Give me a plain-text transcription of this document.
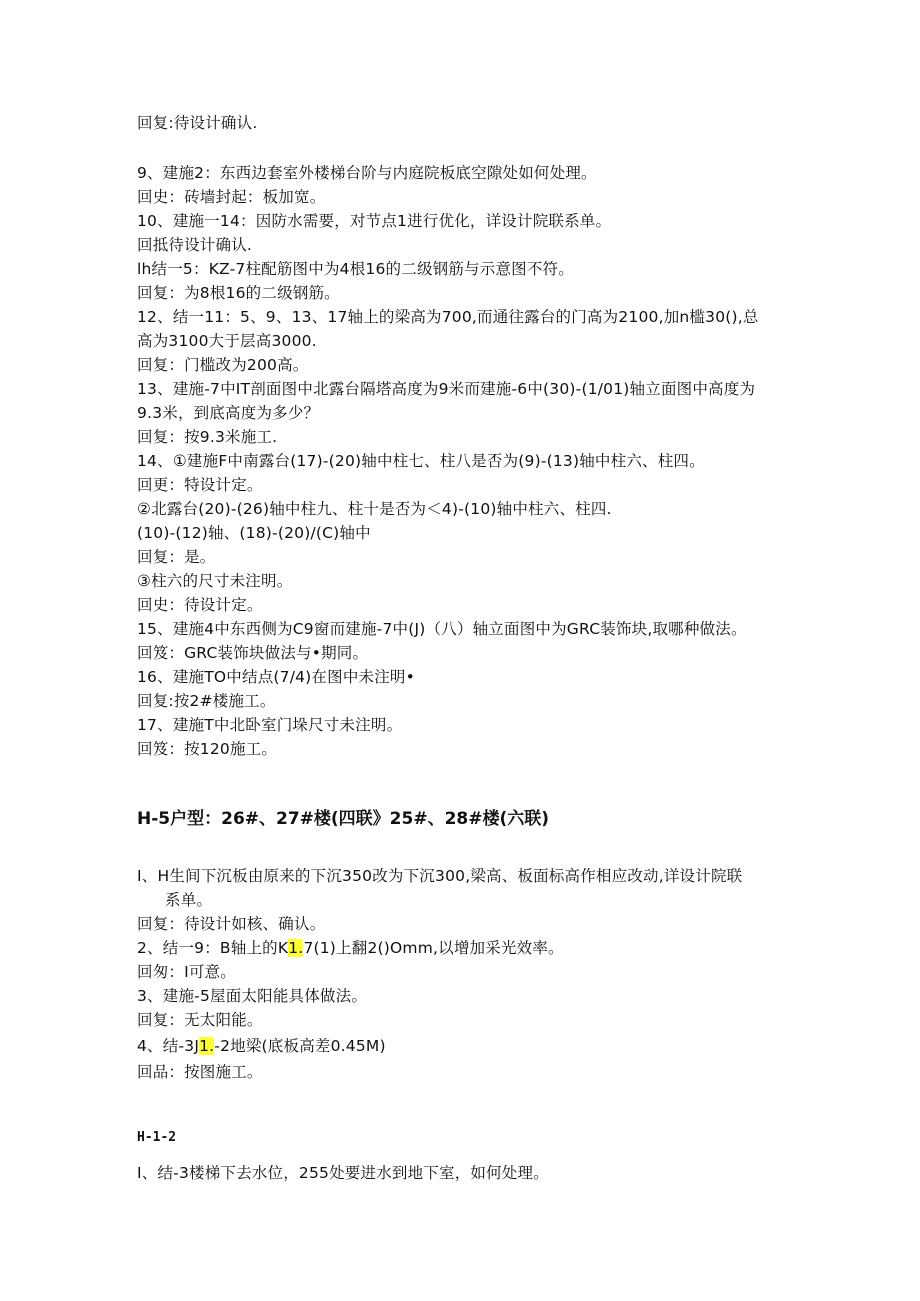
回复:待设计确认.
9、建施2：东西边套室外楼梯台阶与内庭院板底空隙处如何处理。
回史：砖墙封起：板加宽。
10、建施一14：因防水需要，对节点1进行优化，详设计院联系单。
回抵待设计确认.
lh结一5：KZ-7柱配筋图中为4根16的二级钢筋与示意图不符。
回复：为8根16的二级钢筋。
12、结一11：5、9、13、17轴上的梁高为700,而通往露台的门高为2100,加n槛30(),总
高为3100大于层高3000.
回复：门槛改为200高。
13、建施-7中IT剖面图中北露台隔塔高度为9米而建施-6中(30)-(1/01)轴立面图中高度为
9.3米，到底高度为多少？
回复：按9.3米施工.
14、①建施F中南露台(17)-(20)轴中柱七、柱八是否为(9)-(13)轴中柱六、柱四。
回更：特设计定。
②北露台(20)-(26)轴中柱九、柱十是否为＜4)-(10)轴中柱六、柱四.
(10)-(12)轴、(18)-(20)/(C)轴中
回复：是。
③柱六的尺寸未注明。
回史：待设计定。
15、建施4中东西侧为C9窗而建施-7中(J)（八）轴立面图中为GRC装饰块,取哪种做法。
回笈：GRC装饰块做法与•期同。
16、建施TO中结点(7/4)在图中未注明•
回复:按2#楼施工。
17、建施T中北卧室门垛尺寸未注明。
回笈：按120施工。
H-5户型：26#、27#楼(四联》25#、28#楼(六联)
I、H生间下沉板由原来的下沉350改为下沉300,梁高、板面标高作相应改动,详设计院联
系单。
回复：待设计如核、确认。
2、结一9：B轴上的K1.7(1)上翻2()Omm,以增加采光效率。
回匆：I可意。
3、建施-5屋面太阳能具体做法。
回复：无太阳能。
4、结-3J1.-2地梁(底板高差0.45M)
回品：按图施工。
H-1-2
I、结-3楼梯下去水位，255处要进水到地下室，如何处理。
